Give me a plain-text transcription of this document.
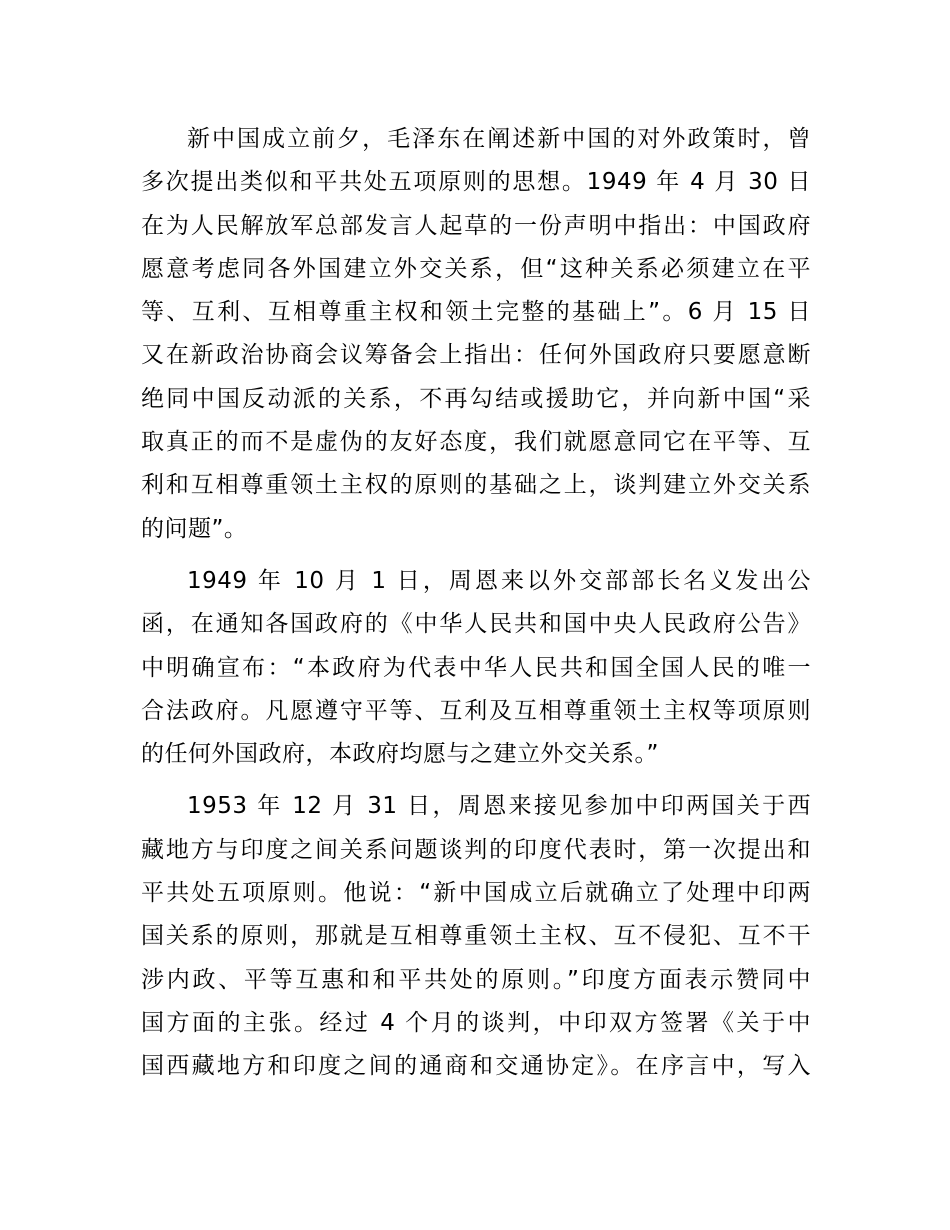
新中国成立前夕，毛泽东在阐述新中国的对外政策时，曾
多次提出类似和平共处五项原则的思想。1949 年 4 月 30 日
在为人民解放军总部发言人起草的一份声明中指出：中国政府
愿意考虑同各外国建立外交关系，但“这种关系必须建立在平
等、互利、互相尊重主权和领土完整的基础上”。6 月 15 日
又在新政治协商会议筹备会上指出：任何外国政府只要愿意断
绝同中国反动派的关系，不再勾结或援助它，并向新中国“采
取真正的而不是虚伪的友好态度，我们就愿意同它在平等、互
利和互相尊重领土主权的原则的基础之上，谈判建立外交关系
的问题”。

1949 年 10 月 1 日，周恩来以外交部部长名义发出公
函，在通知各国政府的《中华人民共和国中央人民政府公告》
中明确宣布：“本政府为代表中华人民共和国全国人民的唯一
合法政府。凡愿遵守平等、互利及互相尊重领土主权等项原则
的任何外国政府，本政府均愿与之建立外交关系。”

1953 年 12 月 31 日，周恩来接见参加中印两国关于西
藏地方与印度之间关系问题谈判的印度代表时，第一次提出和
平共处五项原则。他说：“新中国成立后就确立了处理中印两
国关系的原则，那就是互相尊重领土主权、互不侵犯、互不干
涉内政、平等互惠和和平共处的原则。”印度方面表示赞同中
国方面的主张。经过 4 个月的谈判，中印双方签署《关于中
国西藏地方和印度之间的通商和交通协定》。在序言中，写入
